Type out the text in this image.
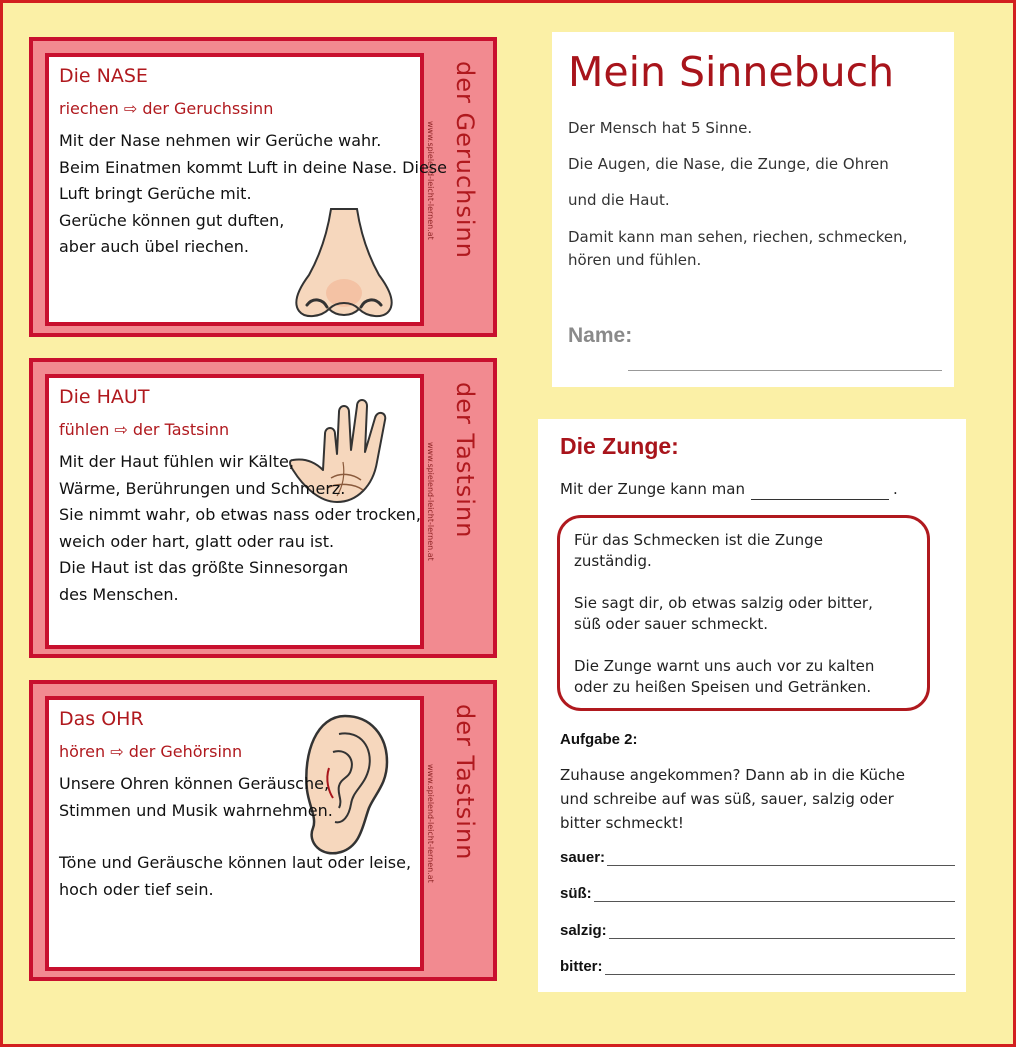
Die NASE
riechen ⇨ der Geruchssinn
Mit der Nase nehmen wir Gerüche wahr.
Beim Einatmen kommt Luft in deine Nase. Diese
Luft bringt Gerüche mit.
Gerüche können gut duften,
aber auch übel riechen.
www.spielend-leicht-lernen.at der Geruchsinn
Die HAUT
fühlen ⇨ der Tastsinn
Mit der Haut fühlen wir Kälte,
Wärme, Berührungen und Schmerz.
Sie nimmt wahr, ob etwas nass oder trocken,
weich oder hart, glatt oder rau ist.
Die Haut ist das größte Sinnesorgan
des Menschen.
www.spielend-leicht-lernen.at der Tastsinn
Das OHR
hören ⇨ der Gehörsinn
Unsere Ohren können Geräusche,
Stimmen und Musik wahrnehmen.
Töne und Geräusche können laut oder leise,
hoch oder tief sein.
www.spielend-leicht-lernen.at der Tastsinn
Mein Sinnebuch
Der Mensch hat 5 Sinne.
Die Augen, die Nase, die Zunge, die Ohren
und die Haut.
Damit kann man sehen, riechen, schmecken,
hören und fühlen.
Name:
Die Zunge:
Mit der Zunge kann man	.
Für das Schmecken ist die Zunge
zuständig.
Sie sagt dir, ob etwas salzig oder bitter,
süß oder sauer schmeckt.
Die Zunge warnt uns auch vor zu kalten
oder zu heißen Speisen und Getränken.
Aufgabe 2:
Zuhause angekommen? Dann ab in die Küche
und schreibe auf was süß, sauer, salzig oder
bitter schmeckt!
sauer:
süß:
salzig:
bitter:
